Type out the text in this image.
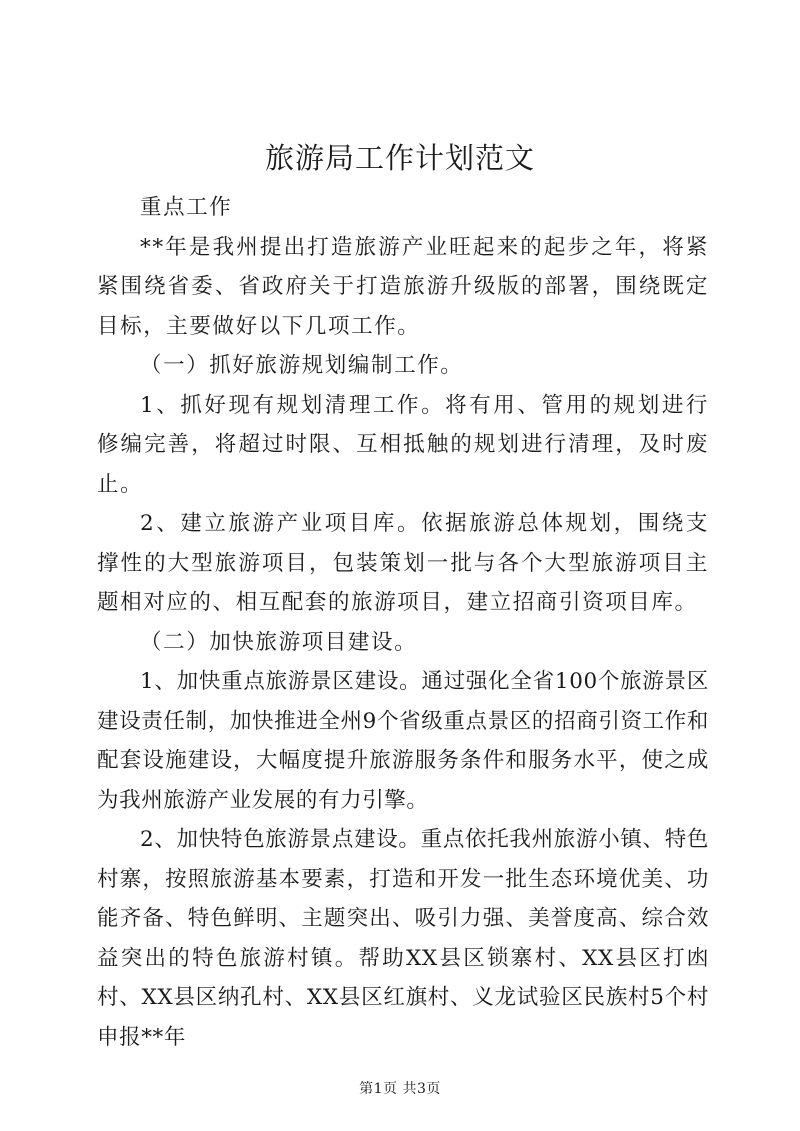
旅游局工作计划范文

重点工作

**年是我州提出打造旅游产业旺起来的起步之年，将紧紧围绕省委、省政府关于打造旅游升级版的部署，围绕既定目标，主要做好以下几项工作。

（一）抓好旅游规划编制工作。

1、抓好现有规划清理工作。将有用、管用的规划进行修编完善，将超过时限、互相抵触的规划进行清理，及时废止。

2、建立旅游产业项目库。依据旅游总体规划，围绕支撑性的大型旅游项目，包装策划一批与各个大型旅游项目主题相对应的、相互配套的旅游项目，建立招商引资项目库。

（二）加快旅游项目建设。

1、加快重点旅游景区建设。通过强化全省100个旅游景区建设责任制，加快推进全州9个省级重点景区的招商引资工作和配套设施建设，大幅度提升旅游服务条件和服务水平，使之成为我州旅游产业发展的有力引擎。

2、加快特色旅游景点建设。重点依托我州旅游小镇、特色村寨，按照旅游基本要素，打造和开发一批生态环境优美、功能齐备、特色鲜明、主题突出、吸引力强、美誉度高、综合效益突出的特色旅游村镇。帮助XX县区锁寨村、XX县区打凼村、XX县区纳孔村、XX县区红旗村、义龙试验区民族村5个村申报**年

第1页 共3页
